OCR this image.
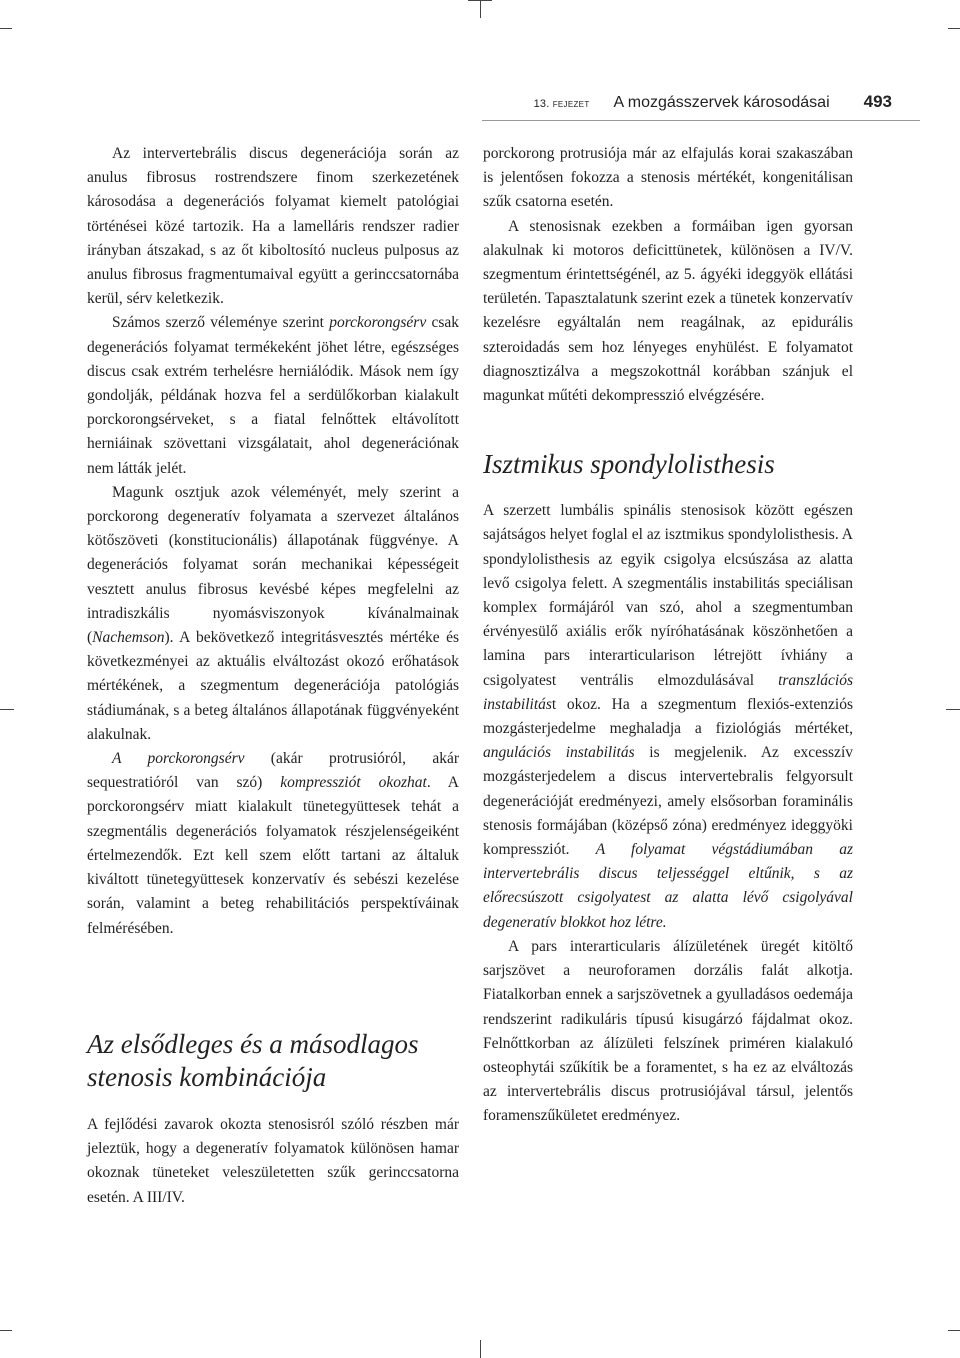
13. FEJEZET A mozgásszervek károsodásai 493

Az intervertebrális discus degenerációja során az anulus fibrosus rostrendszere finom szerkezetének károsodása a degenerációs folyamat kiemelt patológiai történései közé tartozik. Ha a lamelláris rendszer radier irányban átszakad, s az őt kiboltosító nucleus pulposus az anulus fibrosus fragmentumaival együtt a gerinccsatornába kerül, sérv keletkezik.

Számos szerző véleménye szerint porckorongsérv csak degenerációs folyamat termékeként jöhet létre, egészséges discus csak extrém terhelésre herniálódik. Mások nem így gondolják, példának hozva fel a serdülőkorban kialakult porckorongsérveket, s a fiatal felnőttek eltávolított herniáinak szövettani vizsgálatait, ahol degenerációnak nem látták jelét.

Magunk osztjuk azok véleményét, mely szerint a porckorong degeneratív folyamata a szervezet általános kötőszöveti (konstitucionális) állapotának függvénye. A degenerációs folyamat során mechanikai képességeit vesztett anulus fibrosus kevésbé képes megfelelni az intradiszkális nyomásviszonyok kívánalmainak (Nachemson). A bekövetkező integritásvesztés mértéke és következményei az aktuális elváltozást okozó erőhatások mértékének, a szegmentum degenerációja patológiás stádiumának, s a beteg általános állapotának függvényeként alakulnak.

A porckorongsérv (akár protrusióról, akár sequestratióról van szó) kompressziót okozhat. A porckorongsérv miatt kialakult tünetegyüttesek tehát a szegmentális degenerációs folyamatok részjelenségeiként értelmezendők. Ezt kell szem előtt tartani az általuk kiváltott tünetegyüttesek konzervatív és sebészi kezelése során, valamint a beteg rehabilitációs perspektíváinak felmérésében.

Az elsődleges és a másodlagos stenosis kombinációja

A fejlődési zavarok okozta stenosisról szóló részben már jeleztük, hogy a degeneratív folyamatok különösen hamar okoznak tüneteket veleszületetten szűk gerinccsatorna esetén. A III/IV.

porckorong protrusiója már az elfajulás korai szakaszában is jelentősen fokozza a stenosis mértékét, kongenitálisan szűk csatorna esetén.

A stenosisnak ezekben a formáiban igen gyorsan alakulnak ki motoros deficittünetek, különösen a IV/V. szegmentum érintettségénél, az 5. ágyéki ideggyök ellátási területén. Tapasztalatunk szerint ezek a tünetek konzervatív kezelésre egyáltalán nem reagálnak, az epidurális szteroidadás sem hoz lényeges enyhülést. E folyamatot diagnosztizálva a megszokottnál korábban szánjuk el magunkat műtéti dekompresszió elvégzésére.

Isztmikus spondylolisthesis

A szerzett lumbális spinális stenosisok között egészen sajátságos helyet foglal el az isztmikus spondylolisthesis. A spondylolisthesis az egyik csigolya elcsúszása az alatta levő csigolya felett. A szegmentális instabilitás speciálisan komplex formájáról van szó, ahol a szegmentumban érvényesülő axiális erők nyíróhatásának köszönhetően a lamina pars interarticularison létrejött ívhiány a csigolyatest ventrális elmozdulásával transzlációs instabilitást okoz. Ha a szegmentum flexiós-extenziós mozgásterjedelme meghaladja a fiziológiás mértéket, angulációs instabilitás is megjelenik. Az excesszív mozgásterjedelem a discus intervertebralis felgyorsult degenerációját eredményezi, amely elsősorban foraminális stenosis formájában (középső zóna) eredményez ideggyöki kompressziót. A folyamat végstádiumában az intervertebrális discus teljességgel eltűnik, s az előrecsúszott csigolyatest az alatta lévő csigolyával degeneratív blokkot hoz létre.

A pars interarticularis álízületének üregét kitöltő sarjszövet a neuroforamen dorzális falát alkotja. Fiatalkorban ennek a sarjszövetnek a gyulladásos oedemája rendszerint radikuláris típusú kisugárzó fájdalmat okoz. Felnőttkorban az álízületi felszínek priméren kialakuló osteophytái szűkítik be a foramentet, s ha ez az elváltozás az intervertebrális discus protrusiójával társul, jelentős foramenszűkületet eredményez.
